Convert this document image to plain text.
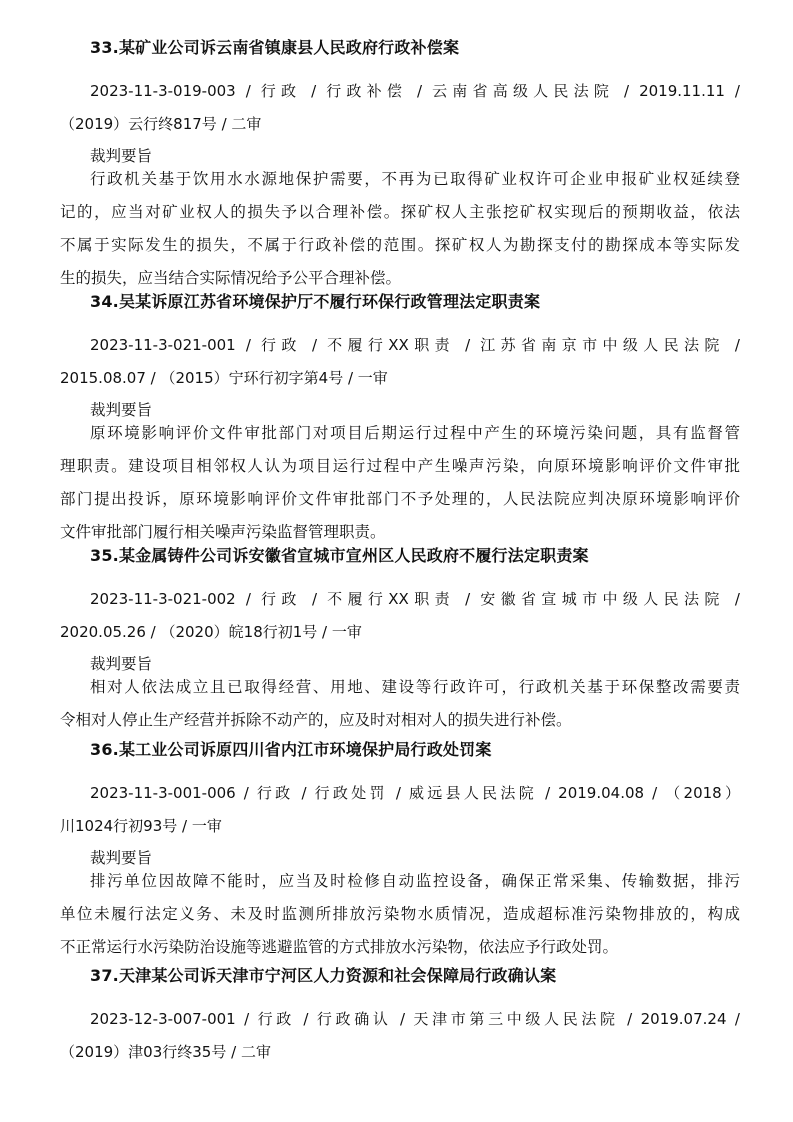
33.某矿业公司诉云南省镇康县人民政府行政补偿案
2023-11-3-019-003 / 行政 / 行政补偿 / 云南省高级人民法院 / 2019.11.11 /
（2019）云行终817号 / 二审
裁判要旨
行政机关基于饮用水水源地保护需要，不再为已取得矿业权许可企业申报矿业权延续登
记的，应当对矿业权人的损失予以合理补偿。探矿权人主张挖矿权实现后的预期收益，依法
不属于实际发生的损失，不属于行政补偿的范围。探矿权人为勘探支付的勘探成本等实际发
生的损失，应当结合实际情况给予公平合理补偿。
34.吴某诉原江苏省环境保护厅不履行环保行政管理法定职责案
2023-11-3-021-001 / 行政 / 不履行XX职责 / 江苏省南京市中级人民法院 /
2015.08.07 / （2015）宁环行初字第4号 / 一审
裁判要旨
原环境影响评价文件审批部门对项目后期运行过程中产生的环境污染问题，具有监督管
理职责。建设项目相邻权人认为项目运行过程中产生噪声污染，向原环境影响评价文件审批
部门提出投诉，原环境影响评价文件审批部门不予处理的，人民法院应判决原环境影响评价
文件审批部门履行相关噪声污染监督管理职责。
35.某金属铸件公司诉安徽省宣城市宣州区人民政府不履行法定职责案
2023-11-3-021-002 / 行政 / 不履行XX职责 / 安徽省宣城市中级人民法院 /
2020.05.26 / （2020）皖18行初1号 / 一审
裁判要旨
相对人依法成立且已取得经营、用地、建设等行政许可，行政机关基于环保整改需要责
令相对人停止生产经营并拆除不动产的，应及时对相对人的损失进行补偿。
36.某工业公司诉原四川省内江市环境保护局行政处罚案
2023-11-3-001-006 / 行政 / 行政处罚 / 威远县人民法院 / 2019.04.08 / （2018）
川1024行初93号 / 一审
裁判要旨
排污单位因故障不能时，应当及时检修自动监控设备，确保正常采集、传输数据，排污
单位未履行法定义务、未及时监测所排放污染物水质情况，造成超标准污染物排放的，构成
不正常运行水污染防治设施等逃避监管的方式排放水污染物，依法应予行政处罚。
37.天津某公司诉天津市宁河区人力资源和社会保障局行政确认案
2023-12-3-007-001 / 行政 / 行政确认 / 天津市第三中级人民法院 / 2019.07.24 /
（2019）津03行终35号 / 二审
